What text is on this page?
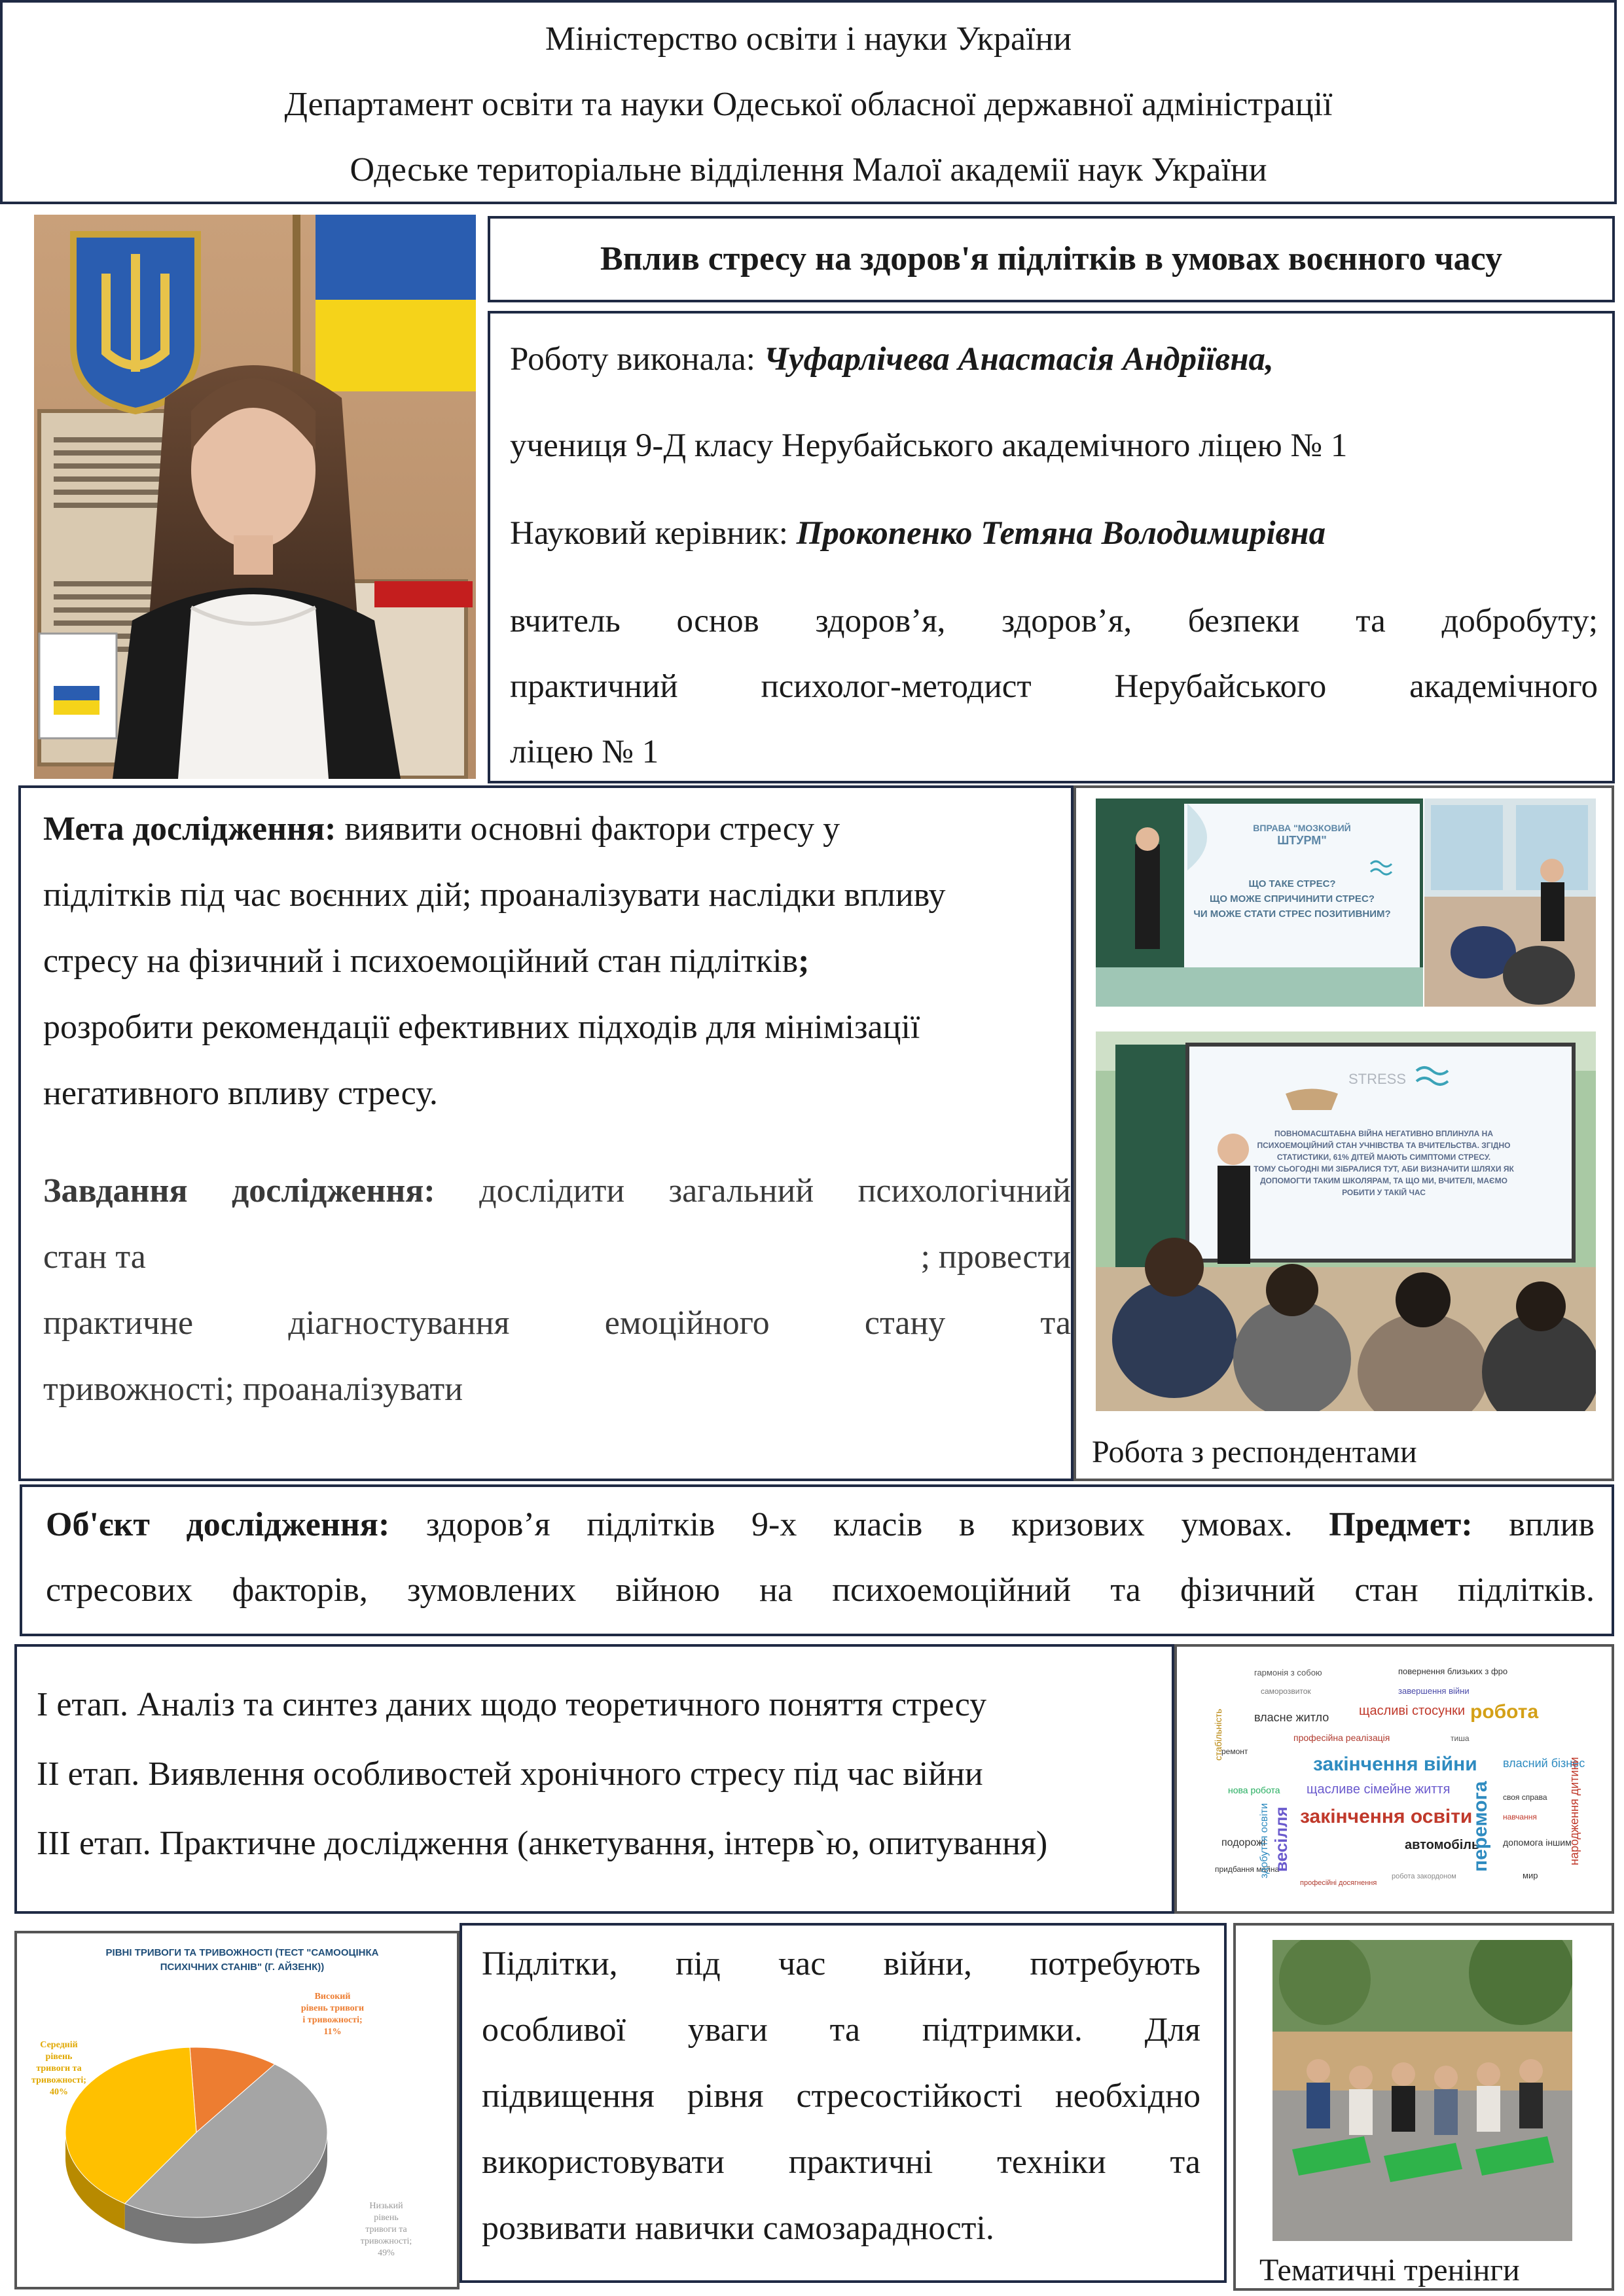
Міністерство освіти і науки України
Департамент освіти та науки Одеської обласної державної адміністрації
Одеське територіальне відділення Малої академії наук України
Вплив стресу на здоров'я підлітків в умовах воєнного часу
Роботу виконала: Чуфарлічева Анастасія Андріївна,
учениця 9-Д класу Нерубайського академічного ліцею № 1
Науковий керівник: Прокопенко Тетяна Володимирівна
вчитель основ здоров’я, здоров’я, безпеки та добробуту;
практичний психолог-методист Нерубайського академічного
ліцею № 1
Мета дослідження: виявити основні фактори стресу у
підлітків під час воєнних дій; проаналізувати наслідки впливу
стресу на фізичний і психоемоційний стан підлітків;
розробити рекомендації ефективних підходів для мінімізації
негативного впливу стресу.
Завдання дослідження: дослідити загальний психологічний
стан та	; провести
практичне діагностування емоційного стану та
тривожності; проаналізувати
ВПРАВА "МОЗКОВИЙ
ШТУРМ"
ЩО ТАКЕ СТРЕС?
ЩО МОЖЕ СПРИЧИНИТИ СТРЕС?
ЧИ МОЖЕ СТАТИ СТРЕС ПОЗИТИВНИМ?
STRESS
ПОВНОМАСШТАБНА ВІЙНА НЕГАТИВНО ВПЛИНУЛА НА
ПСИХОЕМОЦІЙНИЙ СТАН УЧНІВСТВА ТА ВЧИТЕЛЬСТВА. ЗГІДНО
СТАТИСТИКИ, 61% ДІТЕЙ МАЮТЬ СИМПТОМИ СТРЕСУ.
ТОМУ СЬОГОДНІ МИ ЗІБРАЛИСЯ ТУТ, АБИ ВИЗНАЧИТИ ШЛЯХИ ЯК
ДОПОМОГТИ ТАКИМ ШКОЛЯРАМ, ТА ЩО МИ, ВЧИТЕЛІ, МАЄМО
РОБИТИ У ТАКІЙ ЧАС
Робота з респондентами
Об'єкт дослідження: здоров’я підлітків 9-х класів в кризових умовах. Предмет: вплив
стресових факторів, зумовлених війною на психоемоційний та фізичний стан підлітків.
І етап. Аналіз та синтез даних щодо теоретичного поняття стресу
ІІ етап. Виявлення особливостей хронічного стресу під час війни
ІІІ етап. Практичне дослідження (анкетування, інтерв`ю, опитування)
гармонія з собою	повернення близьких з фро
саморозвиток	завершення війни
щасливі стосунки робота
власне житло
професійна реалізація
ремонт
закінчення війни власний бізнес
щасливе сімейне життя
закінчення освіти
автомобіль
подорожі
придбання майна
допомога іншим
професійні досягнення
робота закордоном	мир
своя справа
тиша
нова робота
навчання
перемога
весілля	народження дитини
стабільність
здобуття освіти
РІВНІ ТРИВОГИ ТА ТРИВОЖНОСТІ (ТЕСТ "САМООЦІНКА
ПСИХІЧНИХ СТАНІВ" (Г. АЙЗЕНК))
Високий
рівень тривоги
і тривожності;
11%
Середній
рівень
тривоги та
тривожності;
40%
Низький
рівень
тривоги та
тривожності;
49%
Підлітки, під час війни, потребують
особливої уваги та підтримки. Для
підвищення рівня стресостійкості необхідно
використовувати практичні техніки та
розвивати навички самозарадності.
Тематичні тренінги
